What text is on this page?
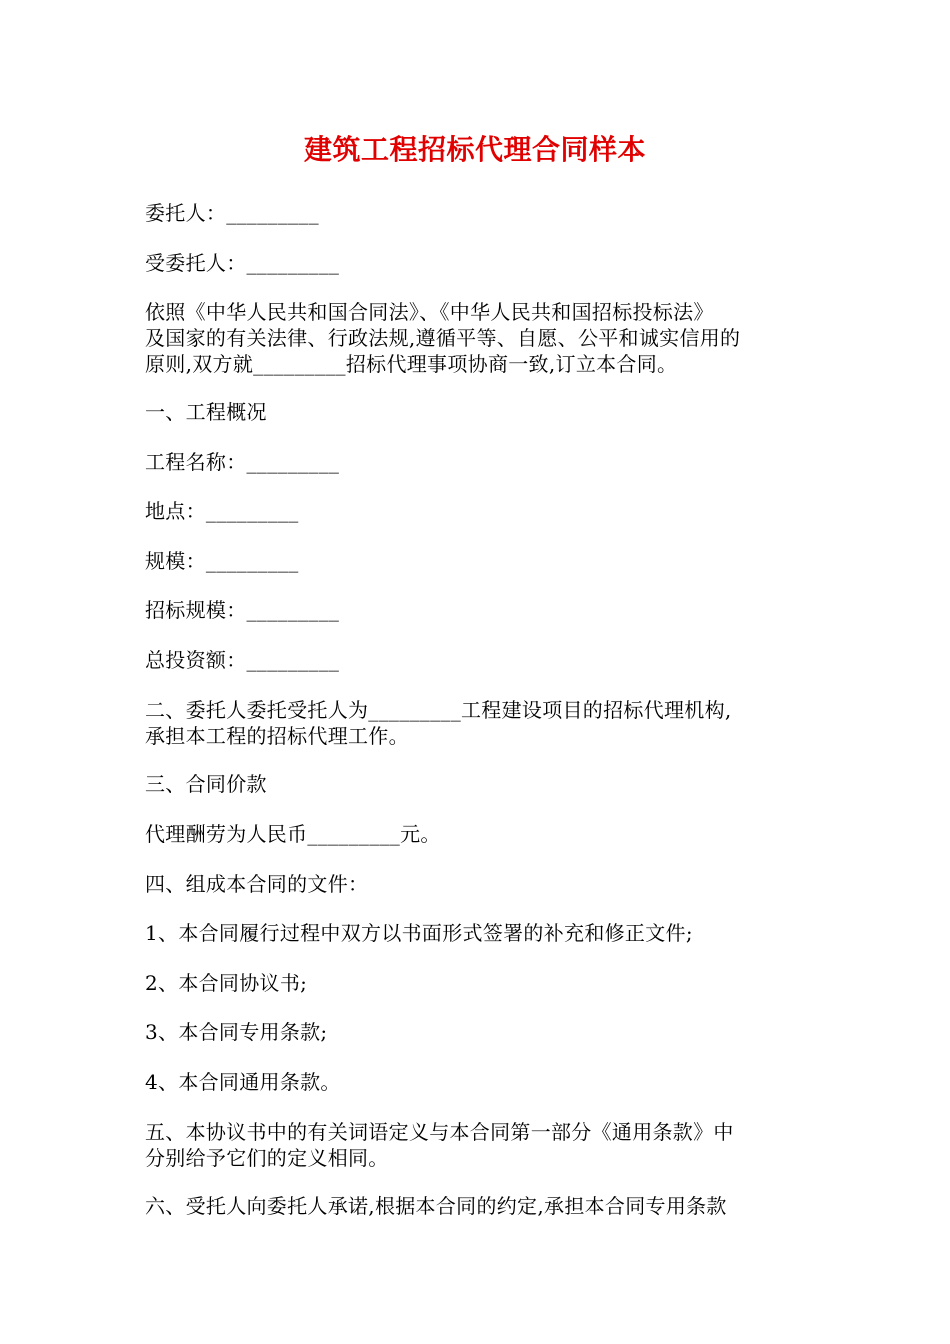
建筑工程招标代理合同样本
委托人：_________
受委托人：_________
依照《中华人民共和国合同法》、《中华人民共和国招标投标法》
及国家的有关法律、行政法规,遵循平等、自愿、公平和诚实信用的
原则,双方就_________招标代理事项协商一致,订立本合同。
一、工程概况
工程名称：_________
地点：_________
规模：_________
招标规模：_________
总投资额：_________
二、委托人委托受托人为_________工程建设项目的招标代理机构,
承担本工程的招标代理工作。
三、合同价款
代理酬劳为人民币_________元。
四、组成本合同的文件：
1、本合同履行过程中双方以书面形式签署的补充和修正文件;
2、本合同协议书;
3、本合同专用条款;
4、本合同通用条款。
五、本协议书中的有关词语定义与本合同第一部分《通用条款》中
分别给予它们的定义相同。
六、受托人向委托人承诺,根据本合同的约定,承担本合同专用条款
